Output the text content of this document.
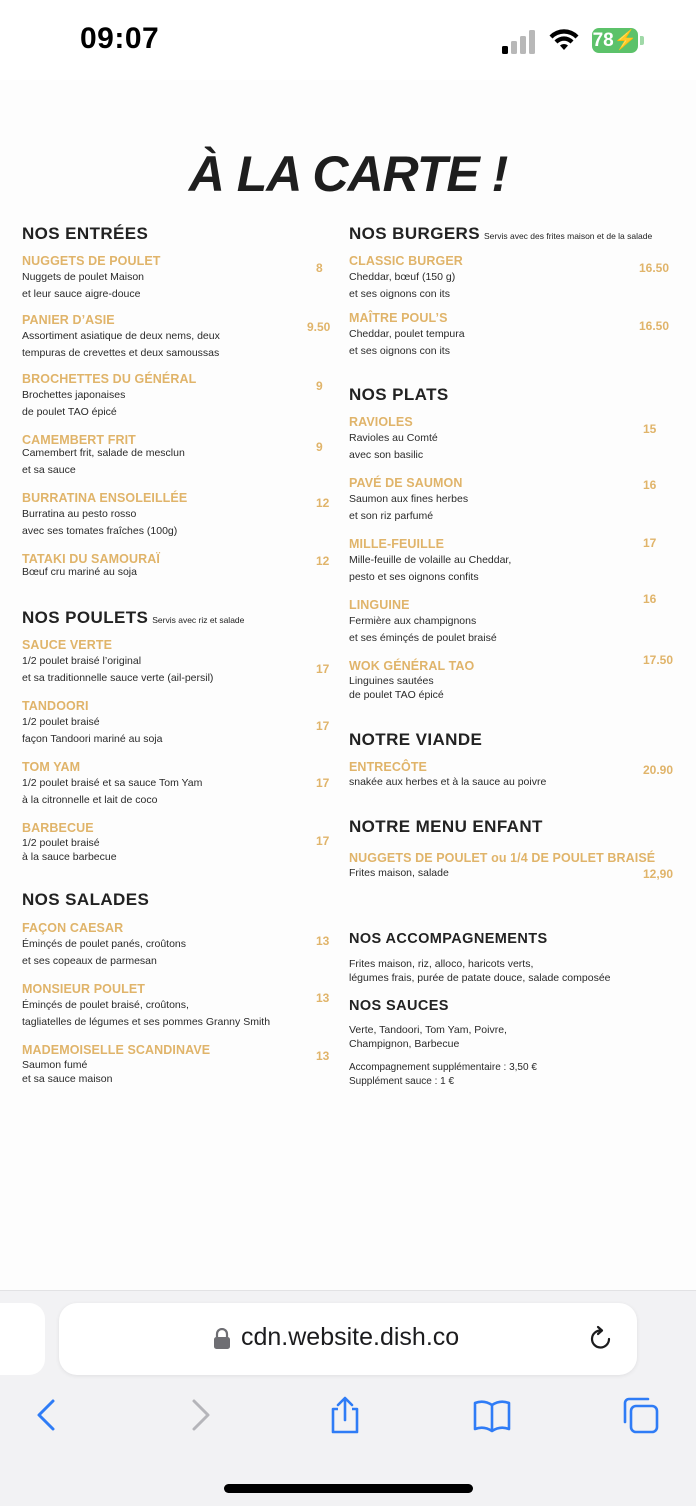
09:07	78⚡
À LA CARTE !
NOS ENTRÉES
NUGGETS DE POULET
Nuggets de poulet Maison
et leur sauce aigre-douce
8
PANIER D’ASIE
Assortiment asiatique de deux nems, deux
tempuras de crevettes et deux samoussas
9.50
BROCHETTES DU GÉNÉRAL
Brochettes japonaises
de poulet TAO épicé
9
CAMEMBERT FRIT
Camembert frit, salade de mesclun
et sa sauce
9
BURRATINA ENSOLEILLÉE
Burratina au pesto rosso
avec ses tomates fraîches (100g)
12
TATAKI DU SAMOURAÏ
Bœuf cru mariné au soja
12
NOS POULETS Servis avec riz et salade
SAUCE VERTE
1/2 poulet braisé l’original
et sa traditionnelle sauce verte (ail-persil)
17
TANDOORI
1/2 poulet braisé
façon Tandoori mariné au soja
17
TOM YAM
1/2 poulet braisé et sa sauce Tom Yam
à la citronnelle et lait de coco
17
BARBECUE
1/2 poulet braisé
à la sauce barbecue
17
NOS SALADES
FAÇON CAESAR
Éminçés de poulet panés, croûtons
et ses copeaux de parmesan
13
MONSIEUR POULET
Éminçés de poulet braisé, croûtons,
tagliatelles de légumes et ses pommes Granny Smith
13
MADEMOISELLE SCANDINAVE
Saumon fumé
et sa sauce maison
13
NOS BURGERS Servis avec des frites maison et de la salade
CLASSIC BURGER
Cheddar, bœuf (150 g)
et ses oignons con its
16.50
MAÎTRE POUL’S
Cheddar, poulet tempura
et ses oignons con its
16.50
NOS PLATS
RAVIOLES
Ravioles au Comté
avec son basilic
15
PAVÉ DE SAUMON
Saumon aux fines herbes
et son riz parfumé
16
MILLE-FEUILLE
Mille-feuille de volaille au Cheddar,
pesto et ses oignons confits
17
LINGUINE
Fermière aux champignons
et ses éminçés de poulet braisé
16
WOK GÉNÉRAL TAO
Linguines sautées
de poulet TAO épicé
17.50
NOTRE VIANDE
ENTRECÔTE
snakée aux herbes et à la sauce au poivre
20.90
NOTRE MENU ENFANT
NUGGETS DE POULET ou 1/4 DE POULET BRAISÉ
Frites maison, salade	12,90
NOS ACCOMPAGNEMENTS
Frites maison, riz, alloco, haricots verts,
légumes frais, purée de patate douce, salade composée
NOS SAUCES
Verte, Tandoori, Tom Yam, Poivre,
Champignon, Barbecue
Accompagnement supplémentaire : 3,50 €
Supplément sauce : 1 €
cdn.website.dish.co
